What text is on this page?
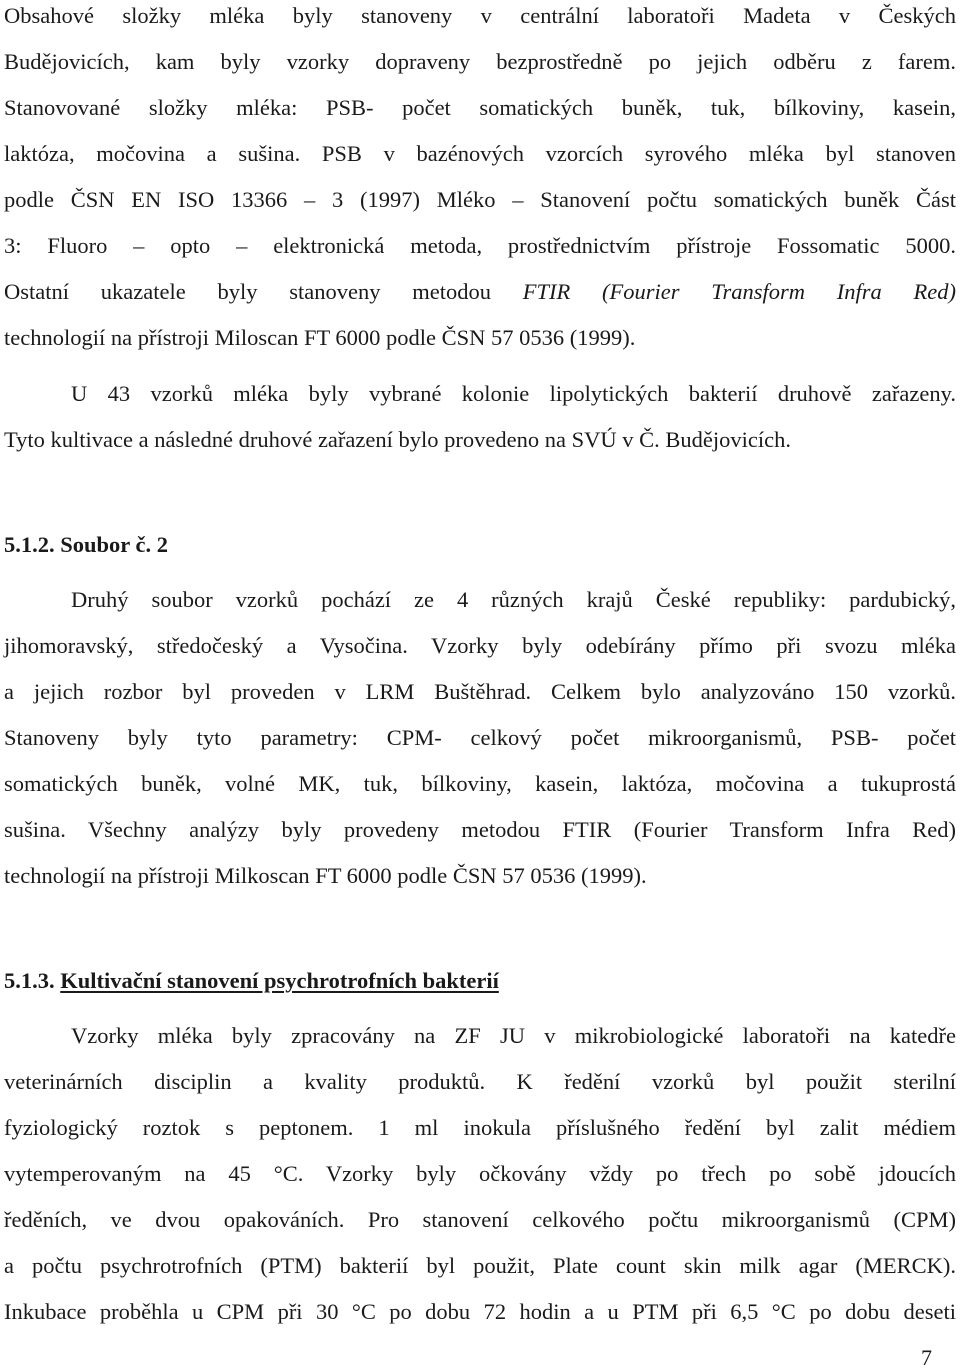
Obsahové složky mléka byly stanoveny v centrální laboratoři Madeta v Českých
Budějovicích, kam byly vzorky dopraveny bezprostředně po jejich odběru z farem.
Stanovované složky mléka: PSB- počet somatických buněk, tuk, bílkoviny, kasein,
laktóza, močovina a sušina. PSB v bazénových vzorcích syrového mléka byl stanoven
podle ČSN EN ISO 13366 – 3 (1997) Mléko – Stanovení počtu somatických buněk Část
3: Fluoro – opto – elektronická metoda, prostřednictvím přístroje Fossomatic 5000.
Ostatní ukazatele byly stanoveny metodou FTIR (Fourier Transform Infra Red)
technologií na přístroji Miloscan FT 6000 podle ČSN 57 0536 (1999).
U 43 vzorků mléka byly vybrané kolonie lipolytických bakterií druhově zařazeny.
Tyto kultivace a následné druhové zařazení bylo provedeno na SVÚ v Č. Budějovicích.
5.1.2. Soubor č. 2
Druhý soubor vzorků pochází ze 4 různých krajů České republiky: pardubický,
jihomoravský, středočeský a Vysočina. Vzorky byly odebírány přímo při svozu mléka
a jejich rozbor byl proveden v LRM Buštěhrad. Celkem bylo analyzováno 150 vzorků.
Stanoveny byly tyto parametry: CPM- celkový počet mikroorganismů, PSB- počet
somatických buněk, volné MK, tuk, bílkoviny, kasein, laktóza, močovina a tukuprostá
sušina. Všechny analýzy byly provedeny metodou FTIR (Fourier Transform Infra Red)
technologií na přístroji Milkoscan FT 6000 podle ČSN 57 0536 (1999).
5.1.3. Kultivační stanovení psychrotrofních bakterií
Vzorky mléka byly zpracovány na ZF JU v mikrobiologické laboratoři na katedře
veterinárních disciplin a kvality produktů. K ředění vzorků byl použit sterilní
fyziologický roztok s peptonem. 1 ml inokula příslušného ředění byl zalit médiem
vytemperovaným na 45 °C. Vzorky byly očkovány vždy po třech po sobě jdoucích
ředěních, ve dvou opakováních. Pro stanovení celkového počtu mikroorganismů (CPM)
a počtu psychrotrofních (PTM) bakterií byl použit, Plate count skin milk agar (MERCK).
Inkubace proběhla u CPM při 30 °C po dobu 72 hodin a u PTM při 6,5 °C po dobu deseti
7
